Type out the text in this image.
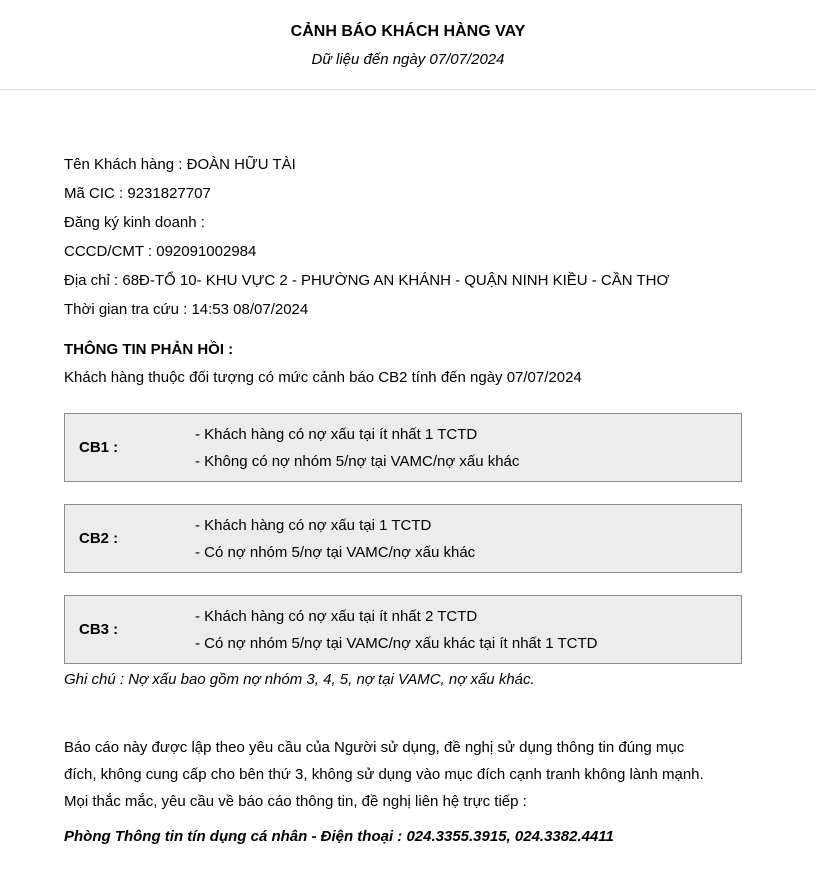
CẢNH BÁO KHÁCH HÀNG VAY
Dữ liệu đến ngày 07/07/2024
Tên Khách hàng : ĐOÀN HỮU TÀI
Mã CIC : 9231827707
Đăng ký kinh doanh :
CCCD/CMT : 092091002984
Địa chỉ : 68Đ-TỔ 10- KHU VỰC 2 - PHƯỜNG AN KHÁNH - QUẬN NINH KIỀU - CẦN THƠ
Thời gian tra cứu : 14:53 08/07/2024
THÔNG TIN PHẢN HỒI :
Khách hàng thuộc đối tượng có mức cảnh báo CB2 tính đến ngày 07/07/2024
CB1 :
- Khách hàng có nợ xấu tại ít nhất 1 TCTD
- Không có nợ nhóm 5/nợ tại VAMC/nợ xấu khác
CB2 :
- Khách hàng có nợ xấu tại 1 TCTD
- Có nợ nhóm 5/nợ tại VAMC/nợ xấu khác
CB3 :
- Khách hàng có nợ xấu tại ít nhất 2 TCTD
- Có nợ nhóm 5/nợ tại VAMC/nợ xấu khác tại ít nhất 1 TCTD
Ghi chú : Nợ xấu bao gồm nợ nhóm 3, 4, 5, nợ tại VAMC, nợ xấu khác.
Báo cáo này được lập theo yêu cầu của Người sử dụng, đề nghị sử dụng thông tin đúng mục
đích, không cung cấp cho bên thứ 3, không sử dụng vào mục đích cạnh tranh không lành mạnh.
Mọi thắc mắc, yêu cầu về báo cáo thông tin, đề nghị liên hệ trực tiếp :
Phòng Thông tin tín dụng cá nhân - Điện thoại : 024.3355.3915, 024.3382.4411
